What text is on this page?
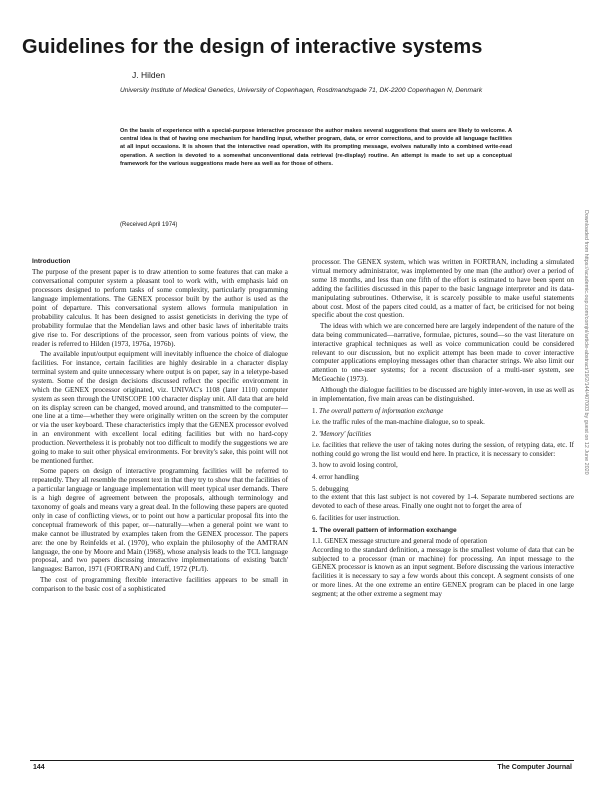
Guidelines for the design of interactive systems
J. Hilden
University Institute of Medical Genetics, University of Copenhagen, Rosdmandsgade 71, DK-2200 Copenhagen N, Denmark
On the basis of experience with a special-purpose interactive processor the author makes several suggestions that users are likely to welcome. A central idea is that of having one mechanism for handling input, whether program, data, or error corrections, and to provide all language facilities at all input occasions. It is shown that the interactive read operation, with its prompting message, evolves naturally into a combined write-read operation. A section is devoted to a somewhat unconventional data retrieval (re-display) routine. An attempt is made to set up a conceptual framework for the various suggestions made here as well as for those of others.
(Received April 1974)
Introduction

The purpose of the present paper is to draw attention to some features that can make a conversational computer system a pleasant tool to work with, with emphasis laid on processors designed to perform tasks of some complexity, particularly programming language implementations. The GENEX processor built by the author is used as the point of departure. This conversational system allows formula manipulation in probability calculus. It has been designed to assist geneticists in deriving the type of probability formulae that the Mendelian laws and other basic laws of inheritable traits give rise to. For descriptions of the processor, seen from various points of view, the reader is referred to Hilden (1973, 1976a, 1976b).

The available input/output equipment will inevitably influence the choice of dialogue facilities. For instance, certain facilities are highly desirable in a character display terminal system and quite unnecessary where output is on paper, say in a teletype-based system. Some of the design decisions discussed reflect the specific environment in which the GENEX processor originated, viz. UNIVAC's 1108 (later 1110) computer system as seen through the UNISCOPE 100 character display unit. All data that are held on its display screen can be changed, moved around, and transmitted to the computer—one line at a time—whether they were originally written on the screen by the computer or via the user keyboard. These characteristics imply that the GENEX processor evolved in an environment with excellent local editing facilities but with no hard-copy production. Nevertheless it is probably not too difficult to modify the suggestions we are going to make to suit other physical environments. For brevity's sake, this point will not be mentioned further.

Some papers on design of interactive programming facilities will be referred to repeatedly. They all resemble the present text in that they try to show that the facilities of a particular language or language implementation will meet typical user demands. There is a high degree of agreement between the proposals, although terminology and taxonomy of goals and means vary a great deal. In the following these papers are quoted only in case of conflicting views, or to point out how a particular proposal fits into the conceptual framework of this paper, or—naturally—when a general point we want to make cannot be illustrated by examples taken from the GENEX processor. The papers are: the one by Reinfelds et al. (1970), who explain the philosophy of the AMTRAN language, the one by Moore and Main (1968), whose analysis leads to the TCL language proposal, and two papers discussing interactive implementations of existing 'batch' languages: Barron, 1971 (FORTRAN) and Cuff, 1972 (PL/I).

The cost of programming flexible interactive facilities appears to be small in comparison to the basic cost of a sophisticated

processor. The GENEX system, which was written in FORTRAN, including a simulated virtual memory administrator, was implemented by one man (the author) over a period of some 18 months, and less than one fifth of the effort is estimated to have been spent on adding the facilities discussed in this paper to the basic language interpreter and its data-manipulating subroutines. Otherwise, it is scarcely possible to make useful statements about cost. Most of the papers cited could, as a matter of fact, be criticised for not being specific about the cost question.

The ideas with which we are concerned here are largely independent of the nature of the data being communicated—narrative, formulae, pictures, sound—so the vast literature on interactive graphical techniques as well as voice communication could be considered relevant to our discussion, but no explicit attempt has been made to cover interactive computer applications employing messages other than character strings. We also limit our attention to one-user systems; for a recent discussion of a multi-user system, see McGeachie (1973).

Although the dialogue facilities to be discussed are highly inter-woven, in use as well as in implementation, five main areas can be distinguished.

1. The overall pattern of information exchange
i.e. the traffic rules of the man-machine dialogue, so to speak.
2. 'Memory' facilities
i.e. facilities that relieve the user of taking notes during the session, of retyping data, etc. If nothing could go wrong the list would end here. In practice, it is necessary to consider:
3. how to avoid losing control,
4. error handling
5. debugging

to the extent that this last subject is not covered by 1-4. Separate numbered sections are devoted to each of these areas. Finally one ought not to forget the area of

6. facilities for user instruction.
1. The overall pattern of information exchange
1.1. GENEX message structure and general mode of operation

According to the standard definition, a message is the smallest volume of data that can be subjected to a processor (man or machine) for processing. An input message to the GENEX processor is known as an input segment. Before discussing the various interactive facilities it is necessary to say a few words about this concept. A segment consists of one or more lines. At the one extreme an entire GENEX program can be placed in one large segment; at the other extreme a segment may

144	The Computer Journal
Downloaded from https://academic.oup.com/comjnl/article-abstract/19/2/144/407003 by guest on 12 June 2020
